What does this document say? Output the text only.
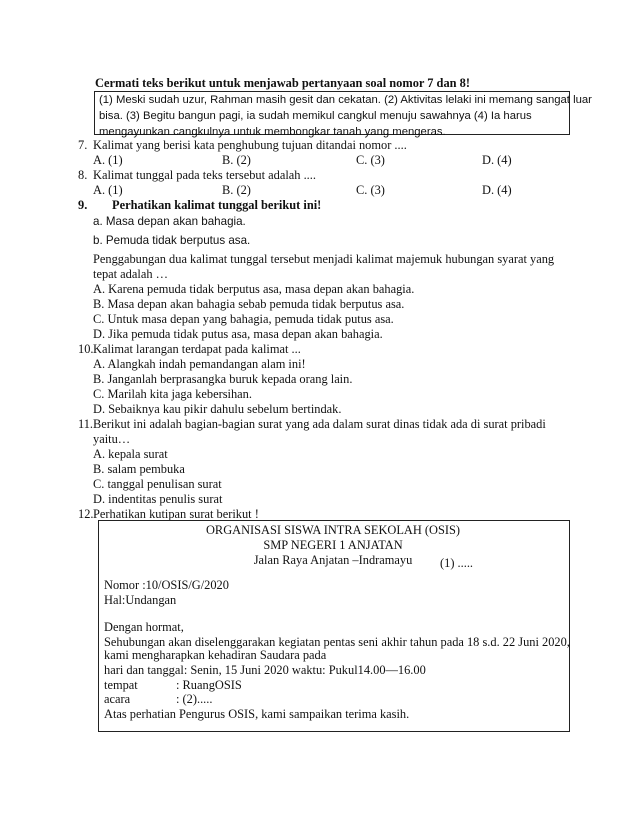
Cermati teks berikut untuk menjawab pertanyaan soal nomor 7 dan 8!
(1) Meski sudah uzur, Rahman masih gesit dan cekatan. (2) Aktivitas lelaki ini memang sangat luar
bisa. (3) Begitu bangun pagi, ia sudah memikul cangkul menuju sawahnya (4) Ia harus
mengayunkan cangkulnya untuk membongkar tanah yang mengeras.
7. Kalimat yang berisi kata penghubung tujuan ditandai nomor ....
A. (1)	B. (2)	C. (3)	D. (4)
8. Kalimat tunggal pada teks tersebut adalah ....
A. (1)	B. (2)	C. (3)	D. (4)
9. Perhatikan kalimat tunggal berikut ini!
a. Masa depan akan bahagia.
b. Pemuda tidak berputus asa.
Penggabungan dua kalimat tunggal tersebut menjadi kalimat majemuk hubungan syarat yang
tepat adalah …
A. Karena pemuda tidak berputus asa, masa depan akan bahagia.
B. Masa depan akan bahagia sebab pemuda tidak berputus asa.
C. Untuk masa depan yang bahagia, pemuda tidak putus asa.
D. Jika pemuda tidak putus asa, masa depan akan bahagia.
10. Kalimat larangan terdapat pada kalimat ...
A. Alangkah indah pemandangan alam ini!
B. Janganlah berprasangka buruk kepada orang lain.
C. Marilah kita jaga kebersihan.
D. Sebaiknya kau pikir dahulu sebelum bertindak.
11. Berikut ini adalah bagian-bagian surat yang ada dalam surat dinas tidak ada di surat pribadi
yaitu…
A. kepala surat
B. salam pembuka
C. tanggal penulisan surat
D. indentitas penulis surat
12. Perhatikan kutipan surat berikut !
ORGANISASI SISWA INTRA SEKOLAH (OSIS)
SMP NEGERI 1 ANJATAN
Jalan Raya Anjatan –Indramayu	(1) .....
Nomor :10/OSIS/G/2020
Hal:Undangan
Dengan hormat,
Sehubungan akan diselenggarakan kegiatan pentas seni akhir tahun pada 18 s.d. 22 Juni 2020,
kami mengharapkan kehadiran Saudara pada
hari dan tanggal: Senin, 15 Juni 2020 waktu: Pukul14.00—16.00
tempat	: RuangOSIS
acara	: (2).....
Atas perhatian Pengurus OSIS, kami sampaikan terima kasih.
